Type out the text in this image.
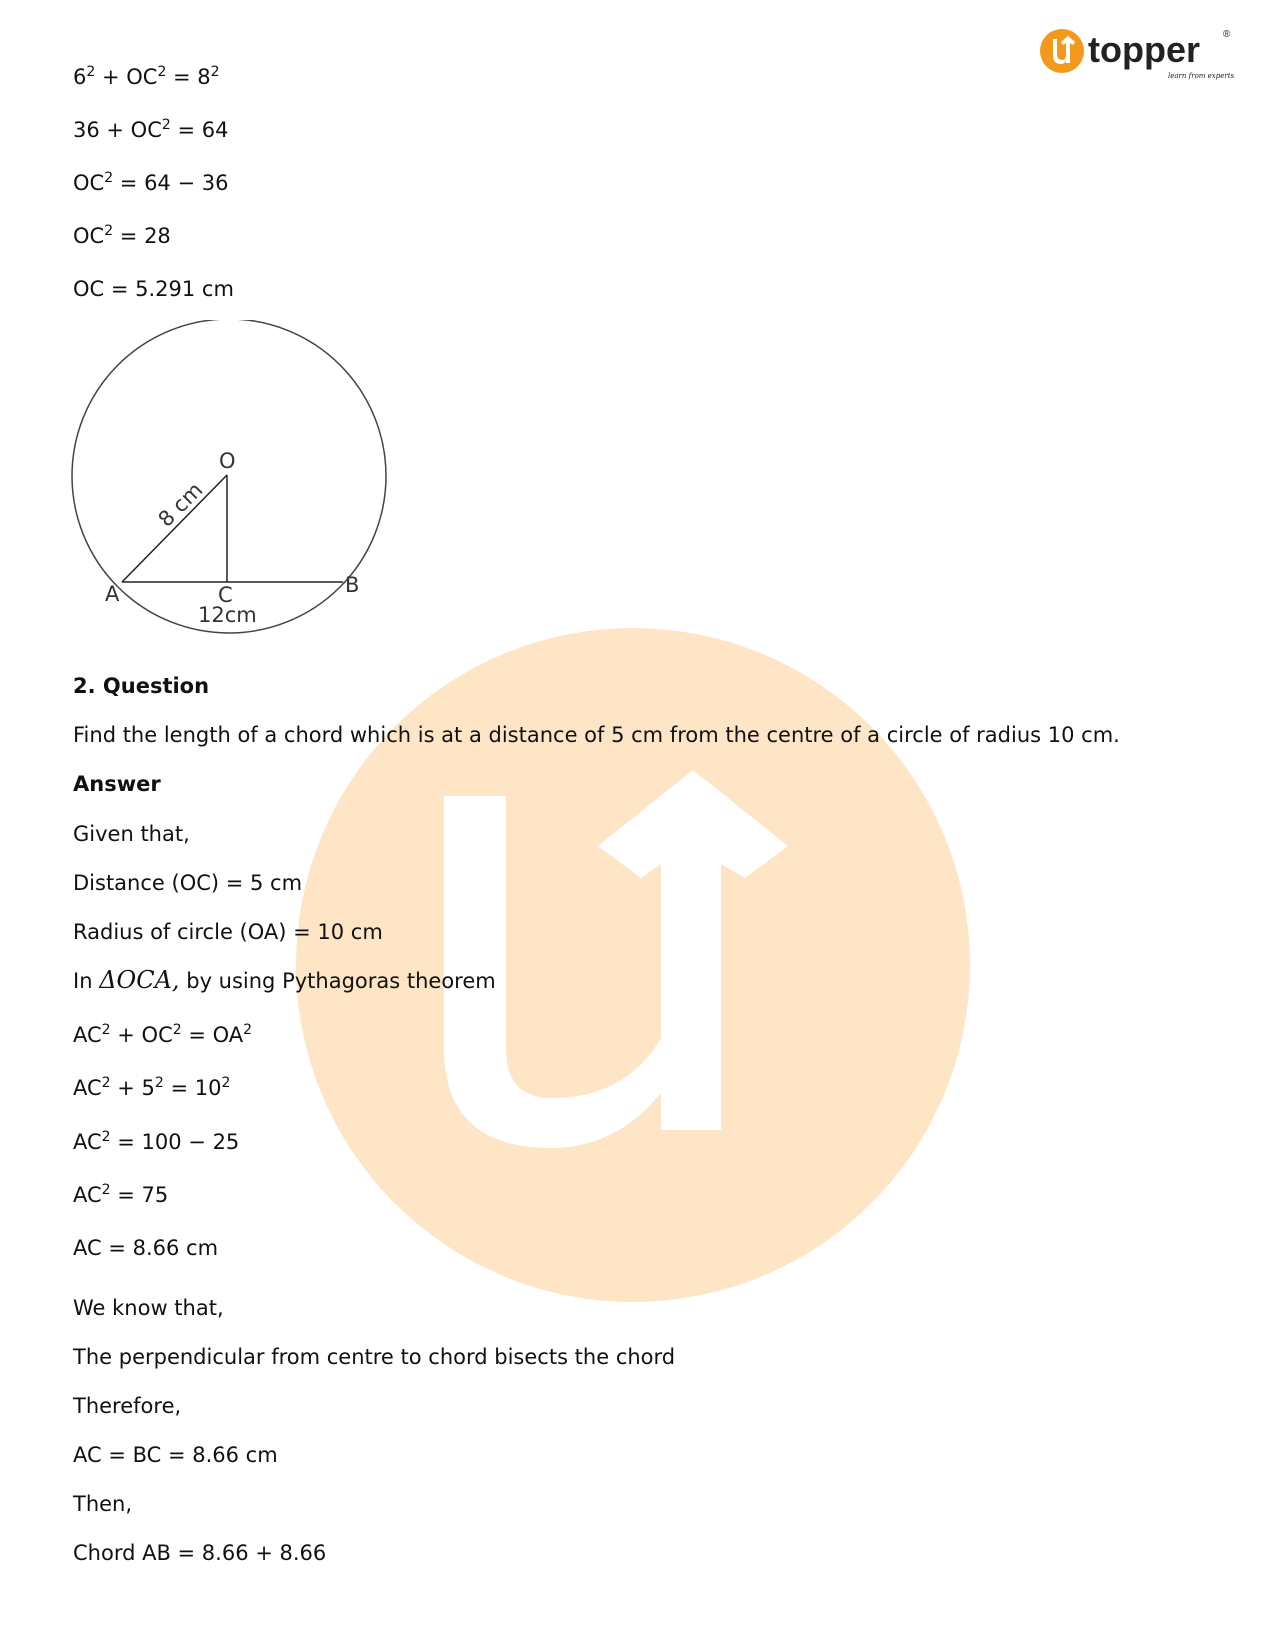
topper ®
learn from experts
$6^2 + OC^2 = 8^2$
$36 + OC^2 = 64$
$OC^2 = 64 - 36$
$OC^2 = 28$
OC = 5.291 cm
O
A	B
C
8 cm
12cm
2. Question
Find the length of a chord which is at a distance of 5 cm from the centre of a circle of radius 10 cm.
Answer
Given that,
Distance (OC) = 5 cm
Radius of circle (OA) = 10 cm
In ΔOCA, by using Pythagoras theorem
$AC^2 + OC^2 = OA^2$
$AC^2 + 5^2 = 10^2$
$AC^2 = 100 - 25$
$AC^2 = 75$
AC = 8.66 cm
We know that,
The perpendicular from centre to chord bisects the chord
Therefore,
AC = BC = 8.66 cm
Then,
Chord AB = 8.66 + 8.66
